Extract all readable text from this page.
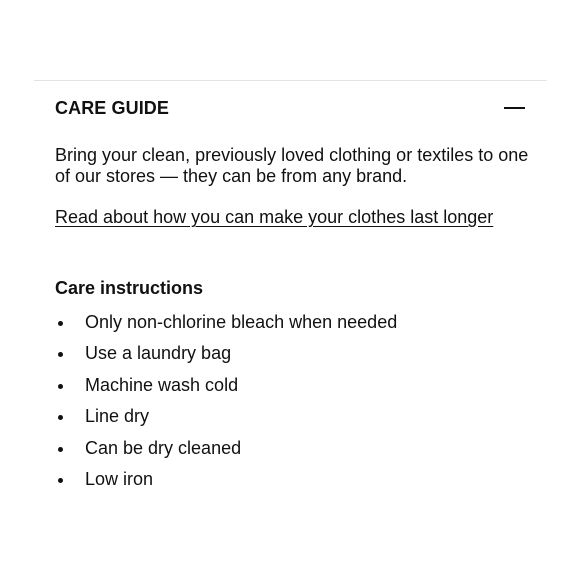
CARE GUIDE

Bring your clean, previously loved clothing or textiles to one of our stores — they can be from any brand.

Read about how you can make your clothes last longer
Care instructions
Only non-chlorine bleach when needed
Use a laundry bag
Machine wash cold
Line dry
Can be dry cleaned
Low iron
